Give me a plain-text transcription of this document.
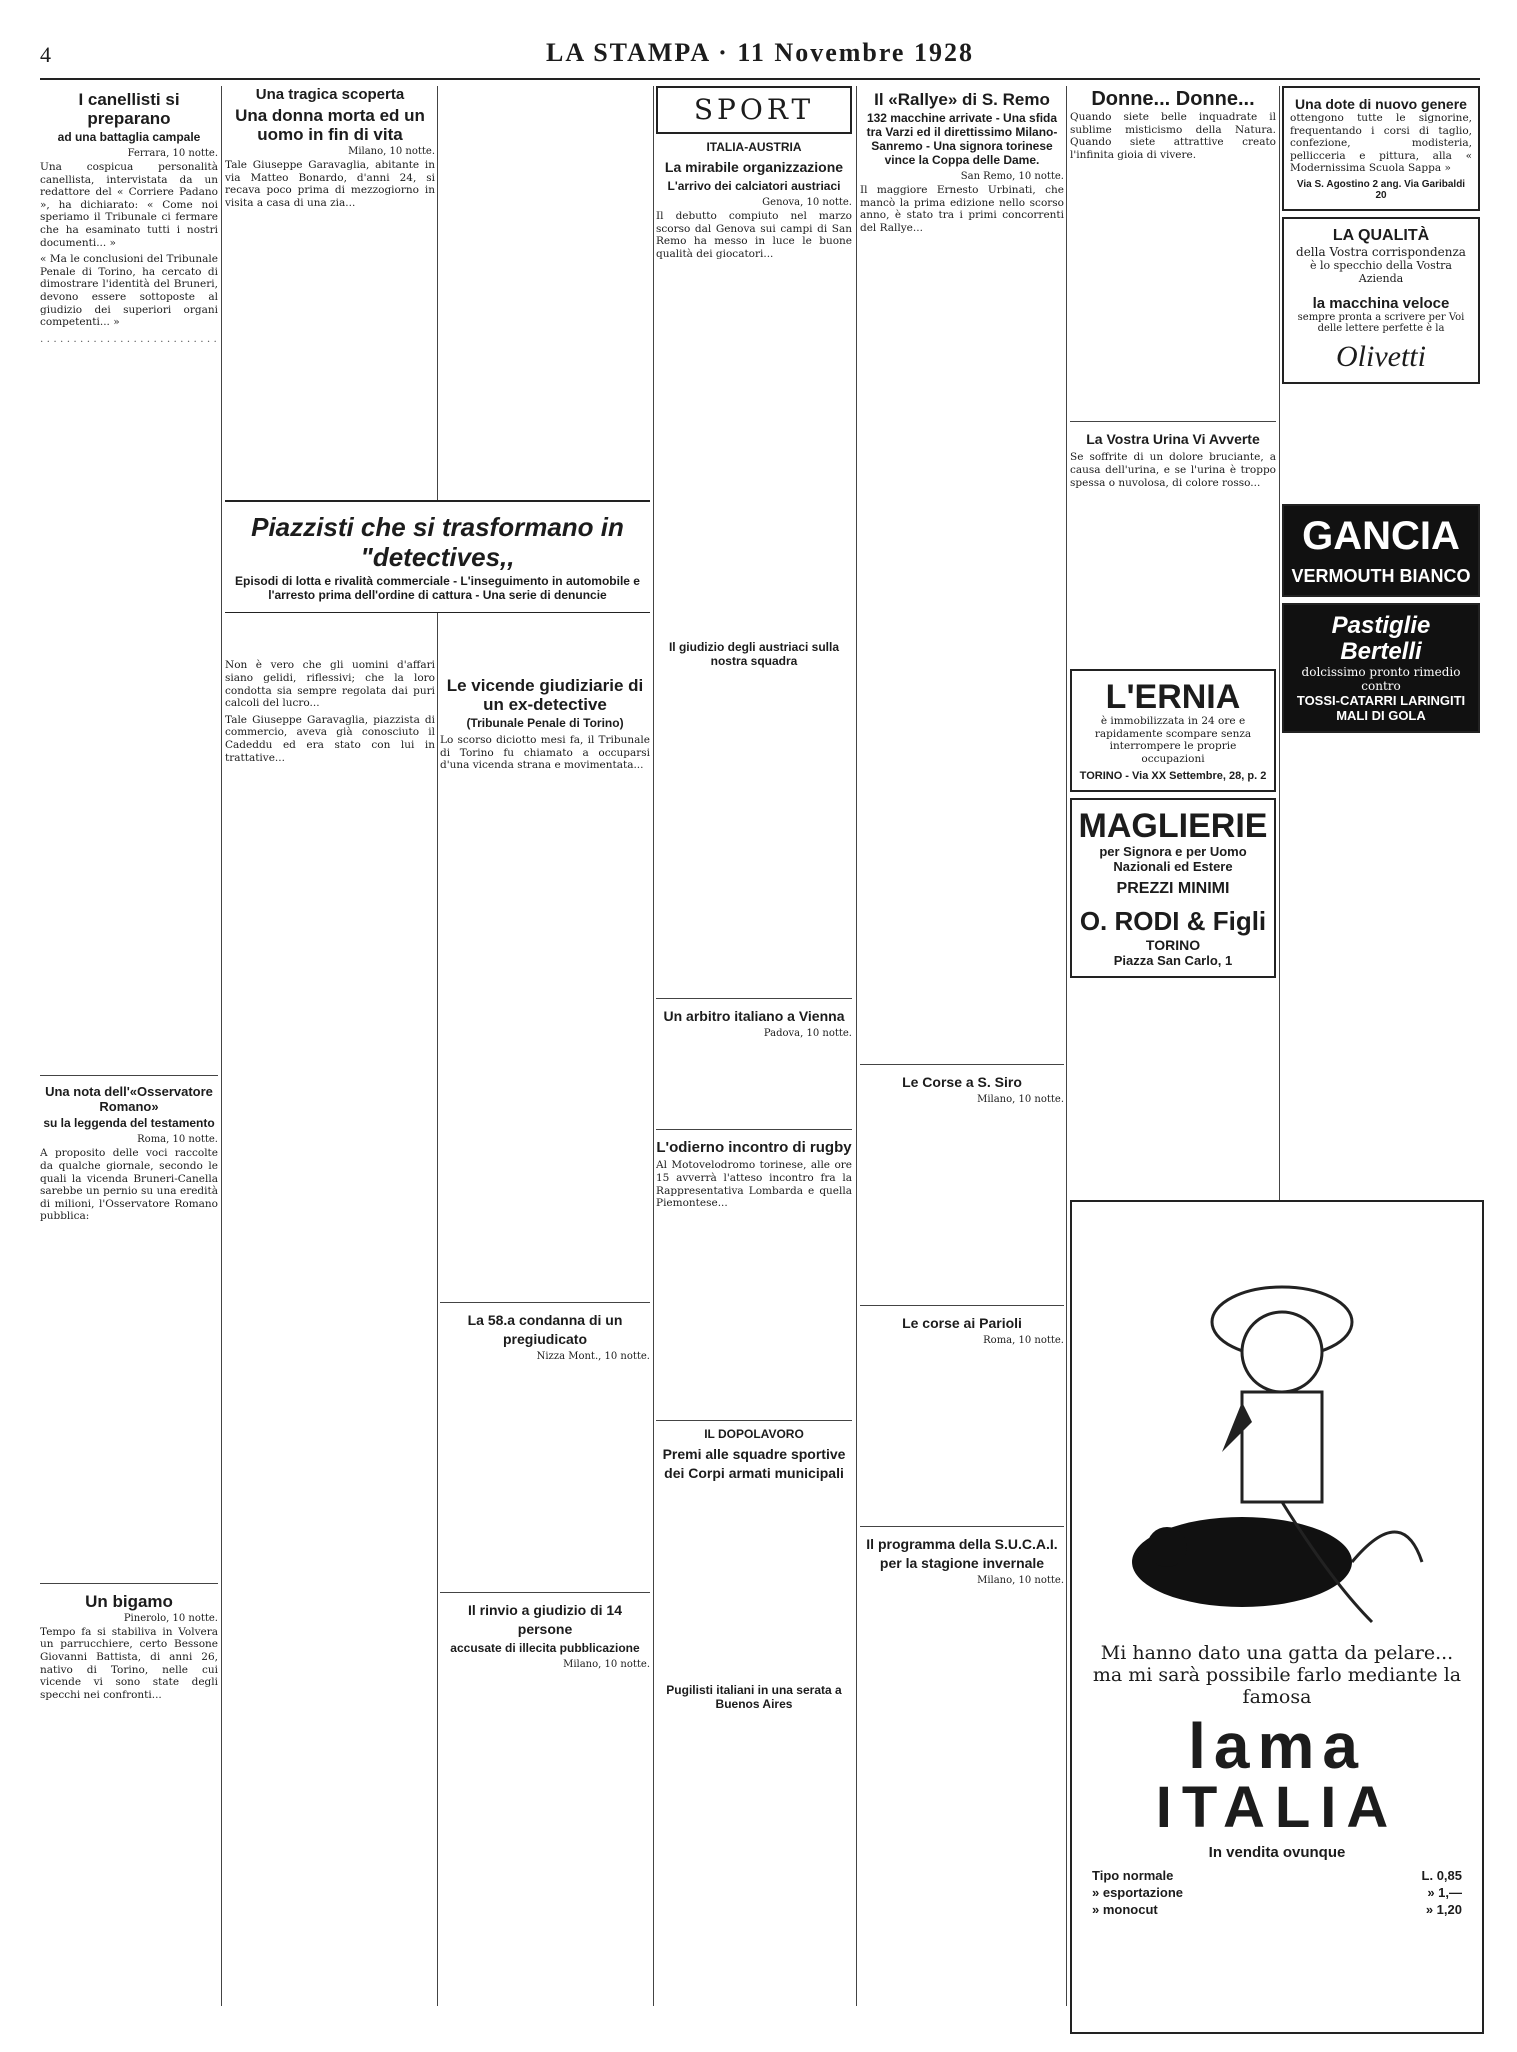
4	LA STAMPA · 11 Novembre 1928
I canellisti si preparano
ad una battaglia campale
Ferrara, 10 notte.

Una cospicua personalità canellista, intervistata da un redattore del « Corriere Padano », ha dichiarato: « Come noi speriamo il Tribunale ci fermare che ha esaminato tutti i nostri documenti... »

« Ma le conclusioni del Tribunale Penale di Torino, ha cercato di dimostrare l'identità del Bruneri, devono essere sottoposte al giudizio dei superiori organi competenti... »

. . . . . . . . . . . . . . . . . . . . . . . . . . .

Una nota dell'«Osservatore Romano»
su la leggenda del testamento
Roma, 10 notte.

A proposito delle voci raccolte da qualche giornale, secondo le quali la vicenda Bruneri-Canella sarebbe un pernio su una eredità di milioni, l'Osservatore Romano pubblica:

Un bigamo
Pinerolo, 10 notte.

Tempo fa si stabiliva in Volvera un parrucchiere, certo Bessone Giovanni Battista, di anni 26, nativo di Torino, nelle cui vicende vi sono state degli specchi nei confronti...

Una tragica scoperta
Una donna morta ed un uomo in fin di vita
Milano, 10 notte.

Tale Giuseppe Garavaglia, abitante in via Matteo Bonardo, d'anni 24, si recava poco prima di mezzogiorno in visita a casa di una zia...

Non è vero che gli uomini d'affari siano gelidi, riflessivi; che la loro condotta sia sempre regolata dai puri calcoli del lucro...

Tale Giuseppe Garavaglia, piazzista di commercio, aveva già conosciuto il Cadeddu ed era stato con lui in trattative...

Le vicende giudiziarie di un ex-detective
(Tribunale Penale di Torino)

Lo scorso diciotto mesi fa, il Tribunale di Torino fu chiamato a occuparsi d'una vicenda strana e movimentata...

La 58.a condanna di un pregiudicato
Nizza Mont., 10 notte.
Il rinvio a giudizio di 14 persone
accusate di illecita pubblicazione
Milano, 10 notte.
Piazzisti che si trasformano in "detectives,,
Episodi di lotta e rivalità commerciale - L'inseguimento in automobile e l'arresto prima dell'ordine di cattura - Una serie di denuncie
SPORT
ITALIA-AUSTRIA
La mirabile organizzazione
L'arrivo dei calciatori austriaci
Genova, 10 notte.

Il debutto compiuto nel marzo scorso dal Genova sui campi di San Remo ha messo in luce le buone qualità dei giocatori...

Il giudizio degli austriaci sulla nostra squadra
Un arbitro italiano a Vienna
Padova, 10 notte.
L'odierno incontro di rugby

Al Motovelodromo torinese, alle ore 15 avverrà l'atteso incontro fra la Rappresentativa Lombarda e quella Piemontese...

IL DOPOLAVORO
Premi alle squadre sportive dei Corpi armati municipali
Pugilisti italiani in una serata a Buenos Aires
Il «Rallye» di S. Remo
132 macchine arrivate - Una sfida tra Varzi ed il direttissimo Milano-Sanremo - Una signora torinese vince la Coppa delle Dame.
San Remo, 10 notte.

Il maggiore Ernesto Urbinati, che mancò la prima edizione nello scorso anno, è stato tra i primi concorrenti del Rallye...

Le Corse a S. Siro
Milano, 10 notte.
Le corse ai Parioli
Roma, 10 notte.
Il programma della S.U.C.A.I. per la stagione invernale
Milano, 10 notte.
Donne... Donne...

Quando siete belle inquadrate il sublime misticismo della Natura. Quando siete attrattive creato l'infinita gioia di vivere.

La Vostra Urina Vi Avverte

Se soffrite di un dolore bruciante, a causa dell'urina, e se l'urina è troppo spessa o nuvolosa, di colore rosso...

L'ERNIA

è immobilizzata in 24 ore e rapidamente scompare senza interrompere le proprie occupazioni

TORINO - Via XX Settembre, 28, p. 2
MAGLIERIE
per Signora e per Uomo
Nazionali ed Estere
PREZZI MINIMI
O. RODI & Figli
TORINO
Piazza San Carlo, 1
Una dote di nuovo genere

ottengono tutte le signorine, frequentando i corsi di taglio, confezione, modisteria, pellicceria e pittura, alla « Modernissima Scuola Sappa »

Via S. Agostino 2 ang. Via Garibaldi 20
LA QUALITÀ
della Vostra corrispondenza
è lo specchio della Vostra Azienda
la macchina veloce
sempre pronta a scrivere per Voi delle lettere perfette è la
Olivetti
GANCIA
VERMOUTH BIANCO
Pastiglie Bertelli
dolcissimo pronto rimedio contro
TOSSI-CATARRI LARINGITI MALI DI GOLA

Mi hanno dato una gatta da pelare... ma mi sarà possibile farlo mediante la famosa

lama
ITALIA
In vendita ovunque
Tipo normale	L. 0,85
» esportazione	» 1,—
» monocut	» 1,20
